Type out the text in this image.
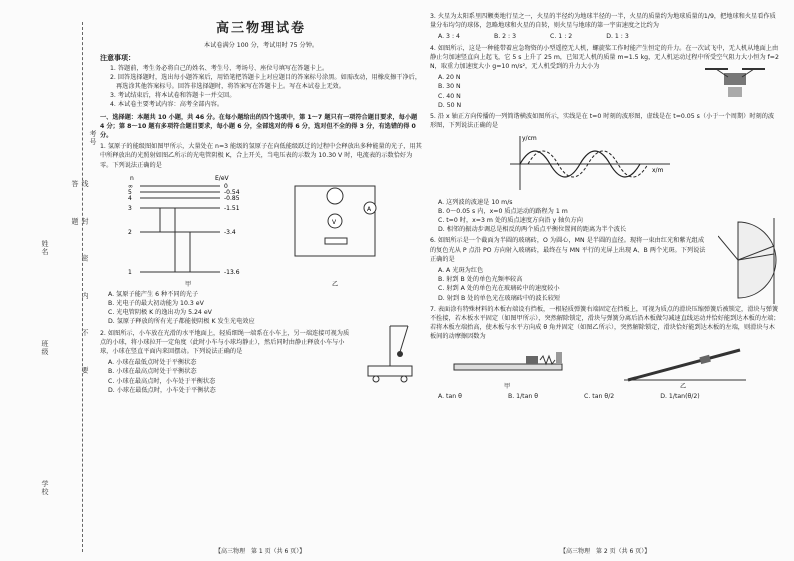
考号
姓名
班级
学校
线 封 密 内 不 要 答 题
高三物理试卷
本试卷满分 100 分，考试用时 75 分钟。
注意事项：

1. 答题前，考生务必将自己的姓名、考生号、考场号、座位号填写在答题卡上。

2. 回答选择题时，选出每小题答案后，用铅笔把答题卡上对应题目的答案标号涂黑。如需改动，用橡皮擦干净后，再选涂其他答案标号。回答非选择题时，将答案写在答题卡上。写在本试卷上无效。

3. 考试结束后，将本试卷和答题卡一并交回。

4. 本试卷主要考试内容：高考全部内容。

一、选择题：本题共 10 小题，共 46 分。在每小题给出的四个选项中，第 1～7 题只有一项符合题目要求，每小题 4 分；第 8～10 题有多项符合题目要求，每小题 6 分，全部选对的得 6 分，选对但不全的得 3 分，有选错的得 0 分。
1. 氢原子的能级图如图甲所示，大量处在 n=3 能级的氢原子在向低能级跃迁的过程中会释放出多种能量的光子，用其中所释放出的光照射如图乙所示的光电管阴极 K，合上开关，当电压表的示数为 10.30 V 时，电流表的示数恰好为零。下列说法正确的是
n	E/eV
∞
5
4
3
2
1
0
-0.54
-0.85
-1.51
-3.4
-13.6
V
A
甲	乙
A. 氢原子能产生 6 种不同的光子
B. 光电子的最大初动能为 10.3 eV
C. 光电管阴极 K 的逸出功为 5.24 eV
D. 氢原子释放的所有光子都能使阴极 K 发生光电效应
2. 如图所示，小车放在光滑的水平地面上，轻质细绳一端系在小车上，另一端连接可视为质点的小球，将小球拉开一定角度（此时小车与小球均静止），然后同时由静止释放小车与小球，小球在竖直平面内来回摆动。下列说法正确的是
A. 小球在最低点时处于平衡状态
B. 小球在最高点时处于平衡状态
C. 小球在最高点时，小车处于平衡状态
D. 小球在最低点时，小车处于平衡状态
【高三物理　第 1 页（共 6 页）】
3. 火星为太阳系里四颗类地行星之一，火星的半径约为地球半径的一半，火星的质量约为地球质量的1/9，把地球和火星看作质量分布均匀的球体，忽略地球和火星的自转，则火星与地球的第一宇宙速度之比约为
A. 3 : 4	B. 2 : 3	C. 1 : 2	D. 1 : 3
4. 如图所示，这是一种能带着应急物资的小型遥控无人机，螺旋桨工作时能产生恒定的升力。在一次试飞中，无人机从地面上由静止匀加速竖直向上起飞，它 5 s 上升了 25 m，已知无人机的质量 m=1.5 kg，无人机运动过程中所受空气阻力大小恒为 f=2 N，取重力加速度大小 g=10 m/s²，无人机受到的升力大小为
A. 20 N
B. 30 N
C. 40 N
D. 50 N
5. 沿 x 轴正方向传播的一列简谐横波如图所示，实线是在 t=0 时刻的波形图，虚线是在 t=0.05 s（小于一个周期）时刻的波形图，下列说法正确的是
y/cm
x/m
A. 这列波的波速是 10 m/s
B. 0～0.05 s 内，x=0 质点运动的路程为 1 m
C. t=0 时，x=3 m 处的质点速度方向沿 y 轴负方向
D. 相邻的振动步调总是相反的两个质点平衡位置间的距离为半个波长
6. 如图所示是一个截面为半圆的玻璃砖，O 为圆心，MN 是半圆的直径。现将一束由红光和紫光组成的复色光从 P 点沿 PO 方向射入玻璃砖，最终在与 MN 平行的光屏上出现 A、B 两个光斑。下列说法正确的是
A. A 光斑为红色
B. 射到 B 处的单色光频率较高
C. 射到 A 处的单色光在玻璃砖中的速度较小
D. 射到 B 处的单色光在玻璃砖中的波长较短
7. 表面涂有特殊材料的木板右端设有挡板，一根轻质弹簧右端固定在挡板上，可视为质点的滑块压缩弹簧后被锁定，滑块与弹簧不拴接，若木板水平固定（如图甲所示），突然解除锁定，滑块与弹簧分离后沿木板做匀减速直线运动并恰好能到达木板的左端；若将木板左端抬高，使木板与水平方向成 θ 角并固定（如图乙所示），突然解除锁定，滑块恰好能到达木板的左端，则滑块与木板间的动摩擦因数为
甲	乙
A. tan θ	B. 1/tan θ	C. tan θ/2	D. 1/tan(θ/2)
【高三物理　第 2 页（共 6 页）】
